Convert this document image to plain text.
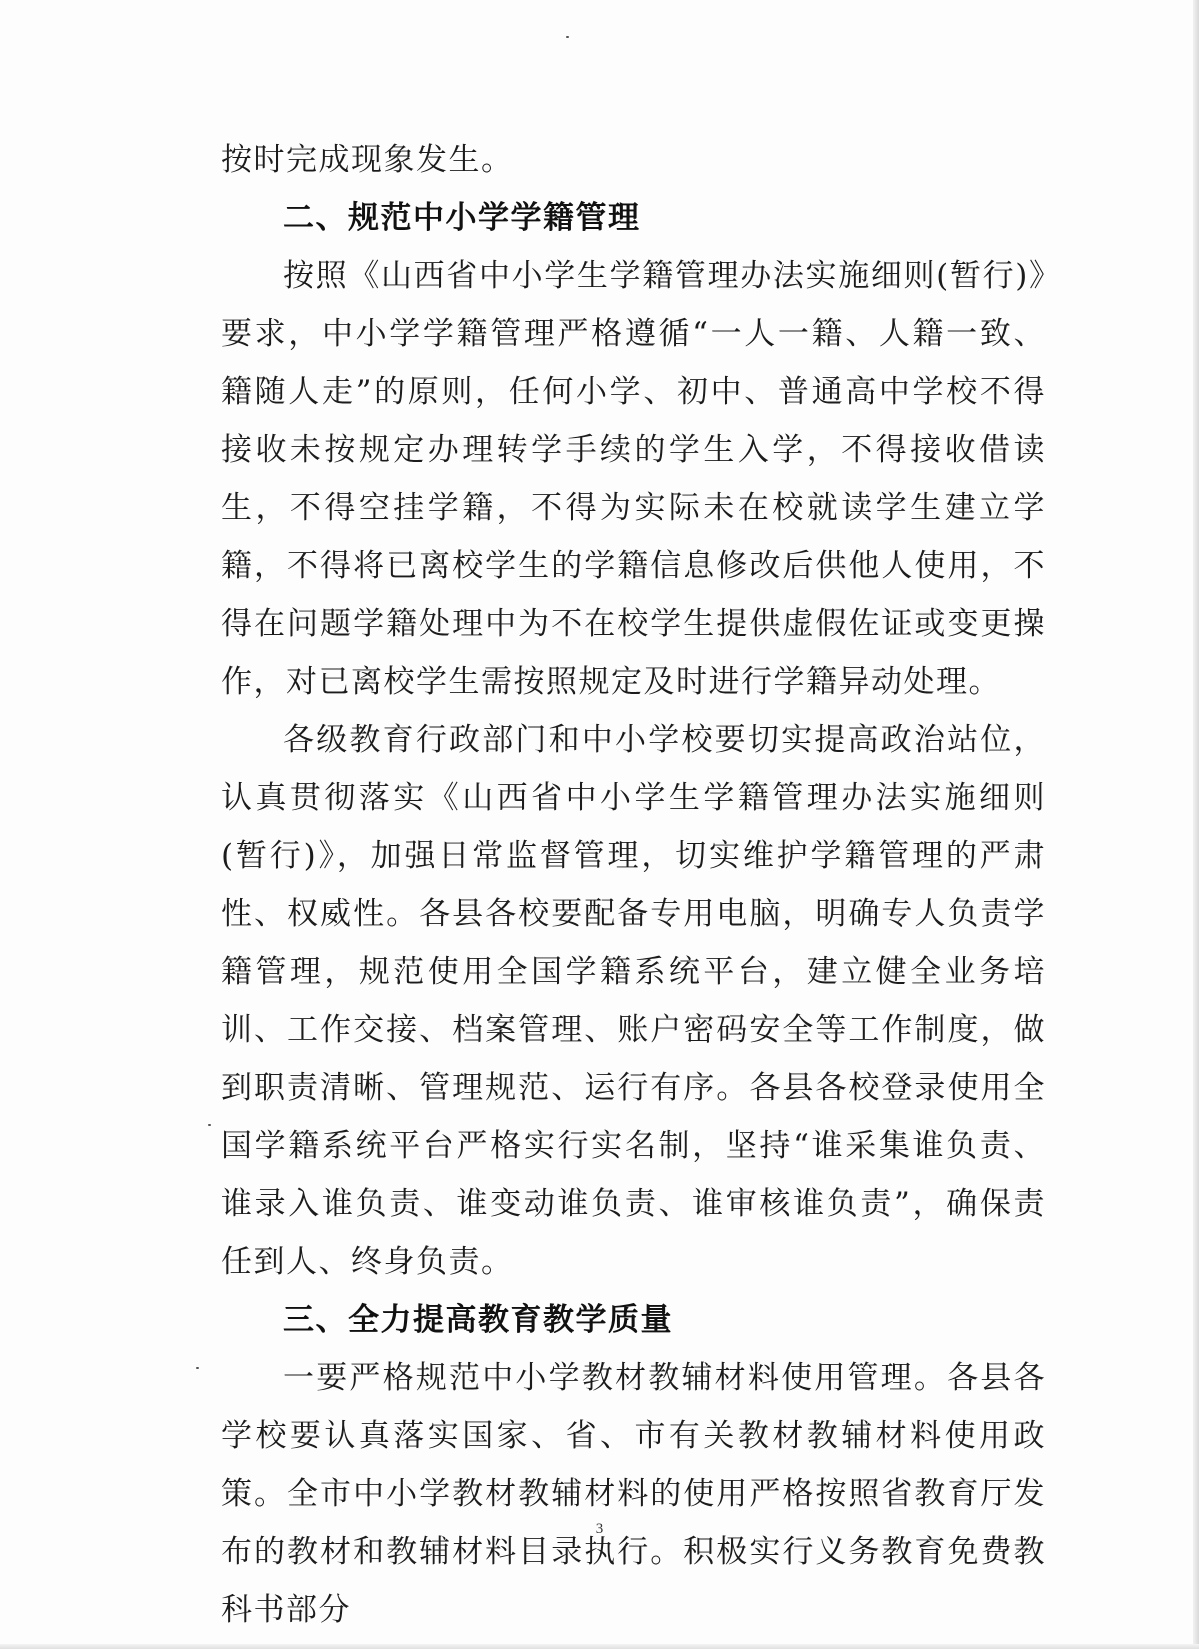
按时完成现象发生。

二、规范中小学学籍管理

按照《山西省中小学生学籍管理办法实施细则(暂行)》要求，中小学学籍管理严格遵循“一人一籍、人籍一致、籍随人走”的原则，任何小学、初中、普通高中学校不得接收未按规定办理转学手续的学生入学，不得接收借读生，不得空挂学籍，不得为实际未在校就读学生建立学籍，不得将已离校学生的学籍信息修改后供他人使用，不得在问题学籍处理中为不在校学生提供虚假佐证或变更操作，对已离校学生需按照规定及时进行学籍异动处理。

各级教育行政部门和中小学校要切实提高政治站位，认真贯彻落实《山西省中小学生学籍管理办法实施细则(暂行)》，加强日常监督管理，切实维护学籍管理的严肃性、权威性。各县各校要配备专用电脑，明确专人负责学籍管理，规范使用全国学籍系统平台，建立健全业务培训、工作交接、档案管理、账户密码安全等工作制度，做到职责清晰、管理规范、运行有序。各县各校登录使用全国学籍系统平台严格实行实名制，坚持“谁采集谁负责、谁录入谁负责、谁变动谁负责、谁审核谁负责”，确保责任到人、终身负责。

三、全力提高教育教学质量

一要严格规范中小学教材教辅材料使用管理。各县各学校要认真落实国家、省、市有关教材教辅材料使用政策。全市中小学教材教辅材料的使用严格按照省教育厅发布的教材和教辅材料目录执行。积极实行义务教育免费教科书部分

3
